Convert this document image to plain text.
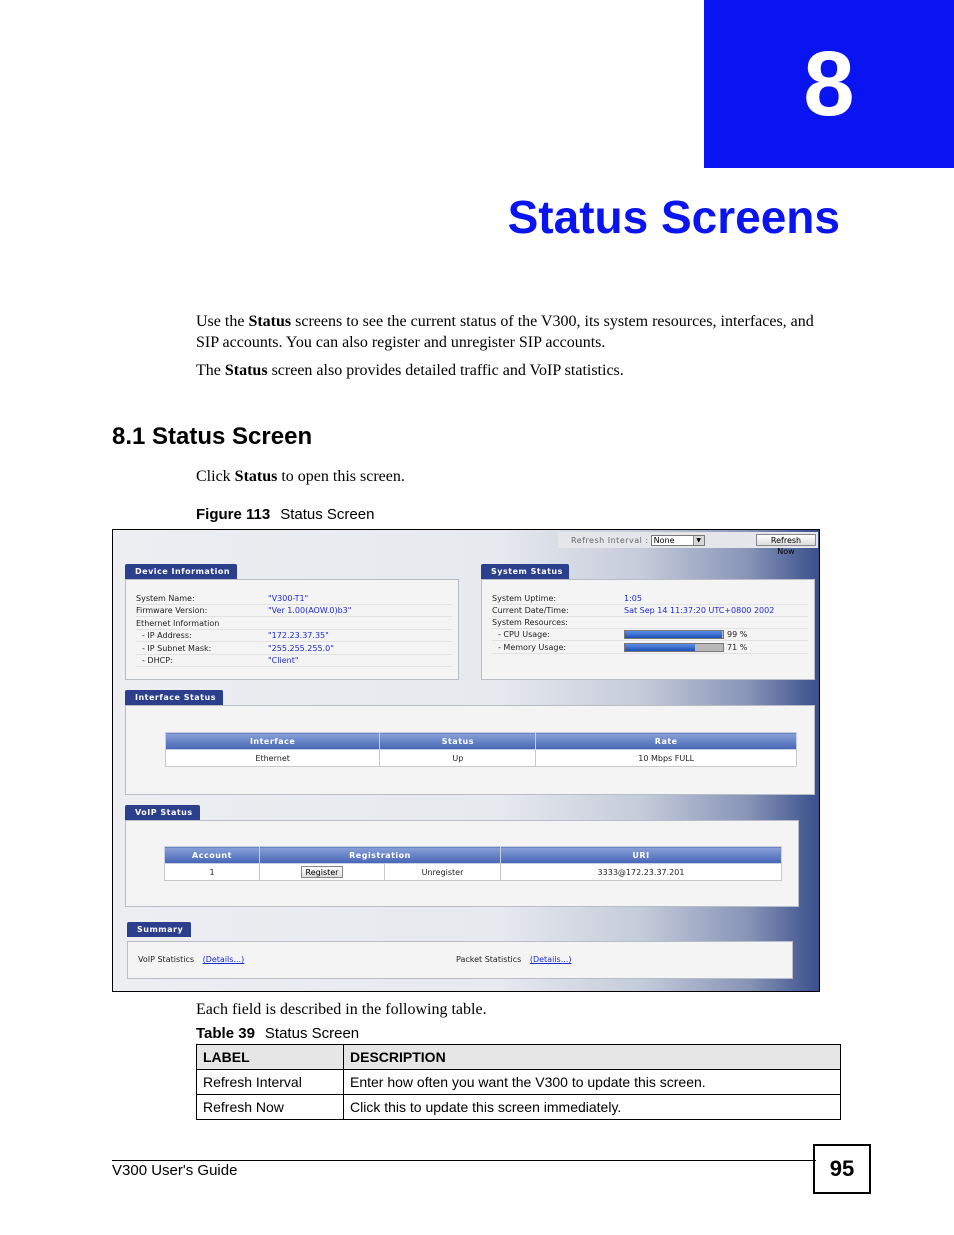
8
Status Screens
Use the Status screens to see the current status of the V300, its system resources, interfaces, and SIP accounts. You can also register and unregister SIP accounts.
The Status screen also provides detailed traffic and VoIP statistics.
8.1 Status Screen
Click Status to open this screen.
Figure 113 Status Screen
Refresh Interval : None	▼	Refresh Now
Device Information
System Name:	"V300-T1"
Firmware Version:	"Ver 1.00(AOW.0)b3"
Ethernet Information
- IP Address:	"172.23.37.35"
- IP Subnet Mask:	"255.255.255.0"
- DHCP:	"Client"
System Status
System Uptime:	1:05
Current Date/Time:	Sat Sep 14 11:37:20 UTC+0800 2002
System Resources:
- CPU Usage:	99 %
- Memory Usage:	71 %
Interface Status
Interface	Status	Rate
Ethernet	Up	10 Mbps FULL
VoIP Status
Account	Registration		URI
1	Register	Unregister	3333@172.23.37.201
Summary
VoIP Statistics (Details...)	Packet Statistics (Details...)
Each field is described in the following table.
Table 39 Status Screen
LABEL	DESCRIPTION
Refresh Interval	Enter how often you want the V300 to update this screen.
Refresh Now	Click this to update this screen immediately.
V300 User's Guide	95
